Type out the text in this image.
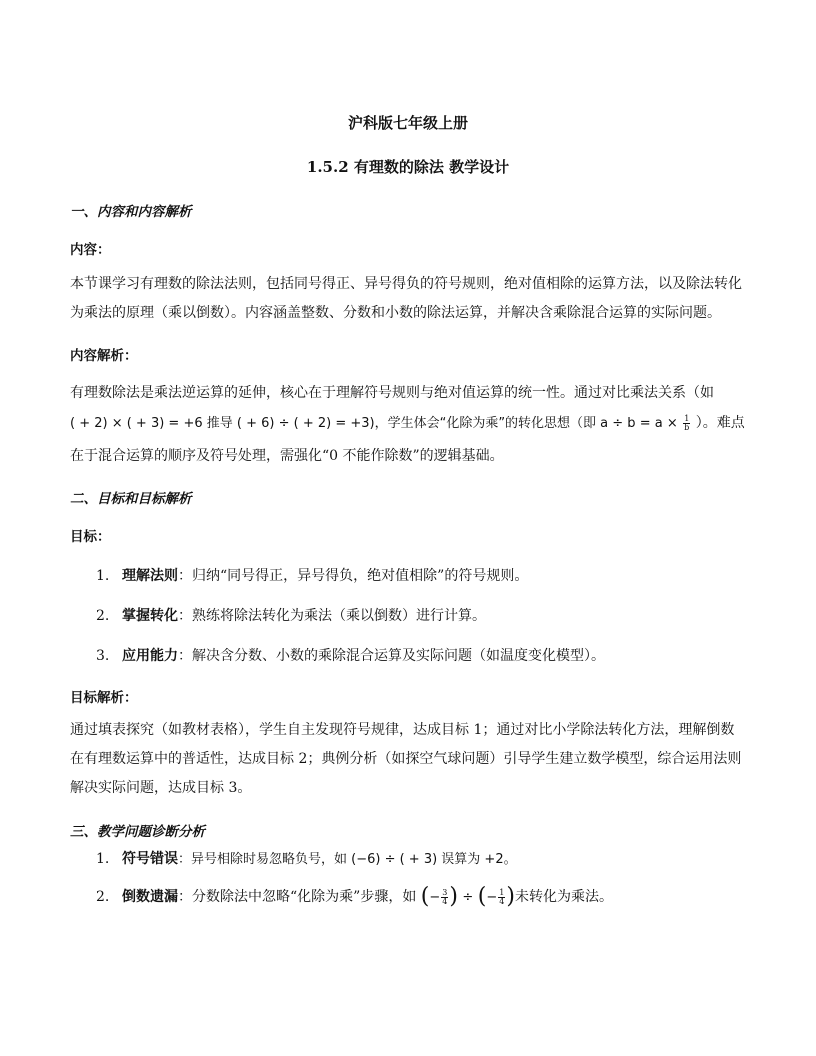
沪科版七年级上册
1.5.2 有理数的除法 教学设计
一、内容和内容解析
内容：
本节课学习有理数的除法法则，包括同号得正、异号得负的符号规则，绝对值相除的运算方法，以及除法转化为乘法的原理（乘以倒数）。内容涵盖整数、分数和小数的除法运算，并解决含乘除混合运算的实际问题。
内容解析：
有理数除法是乘法逆运算的延伸，核心在于理解符号规则与绝对值运算的统一性。通过对比乘法关系（如
( + 2) × ( + 3) = +6 推导 ( + 6) ÷ ( + 2) = +3)，学生体会“化除为乘”的转化思想（即 $a \div b = a \times \frac{1}{b}$ ）。难点
在于混合运算的顺序及符号处理，需强化“0 不能作除数”的逻辑基础。
二、目标和目标解析
目标：
1. 理解法则：归纳“同号得正，异号得负，绝对值相除”的符号规则。
2. 掌握转化：熟练将除法转化为乘法（乘以倒数）进行计算。
3. 应用能力：解决含分数、小数的乘除混合运算及实际问题（如温度变化模型）。
目标解析：
通过填表探究（如教材表格），学生自主发现符号规律，达成目标 1；通过对比小学除法转化方法，理解倒数在有理数运算中的普适性，达成目标 2；典例分析（如探空气球问题）引导学生建立数学模型，综合运用法则解决实际问题，达成目标 3。
三、教学问题诊断分析
1. 符号错误：异号相除时易忽略负号，如 (−6) ÷ ( + 3) 误算为 +2。
2. 倒数遗漏：分数除法中忽略“化除为乘”步骤，如 (− $\frac{3}{4}$ ) ÷ (− $\frac{1}{4}$ )未转化为乘法。
